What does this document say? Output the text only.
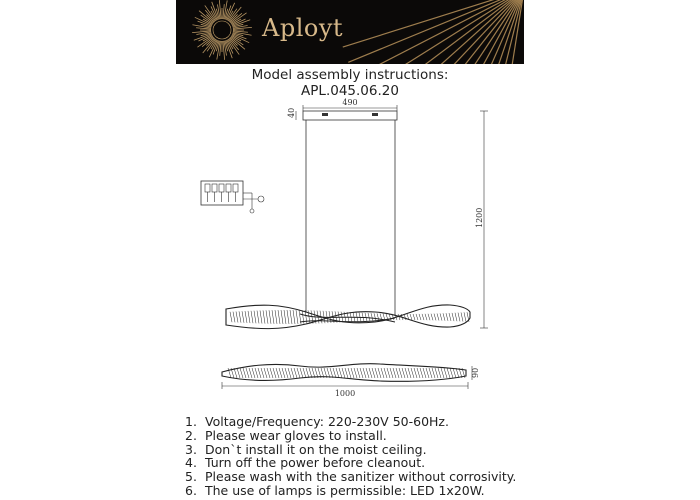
Aployt
Model assembly instructions:
APL.045.06.20
490
40
1200
90
1000
1. Voltage/Frequency: 220-230V 50-60Hz.
2. Please wear gloves to install.
3. Don`t install it on the moist ceiling.
4. Turn off the power before cleanout.
5. Please wash with the sanitizer without corrosivity.
6. The use of lamps is permissible: LED 1x20W.
